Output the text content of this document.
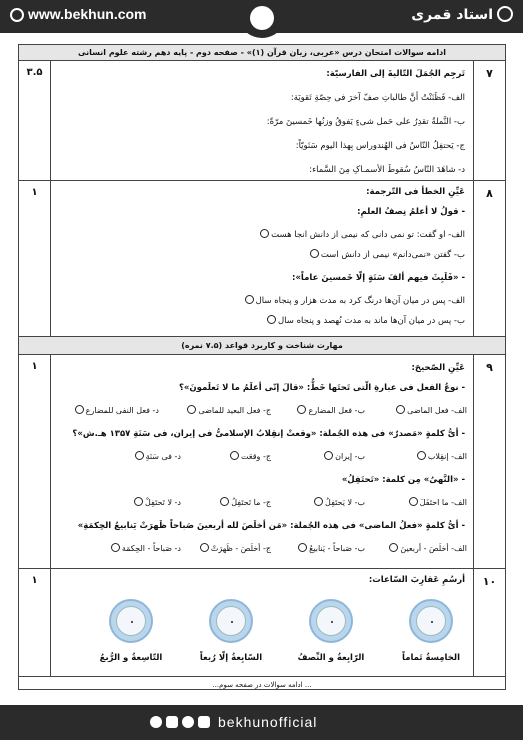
www.bekhun.com	استاد قمری
ادامه سوالات امتحان درس «عربی، زبان قرآن (۱)» - صفحه دوم - پایه دهم رشته علوم انسانی
۷
۳.۵	تَرجِم الجُمَلَ التّالیةَ إلی الفارسیّة:
الف- فَظَنَنْتُ أنَّ طالباتِ صفّ آخرَ فی حِصّةِ تَقویَة:
ب- النَّملةُ تقدِرُ علی حَمل شیءٍ یَفوقُ وزنُها خَمسینَ مرّةً:
ج- یَحتفِلُ النّاسُ فی الهُندوراس بِهذا الیوم سَنَویّاً:
د- شاهَدَ النّاسُ سُقوطَ الأسمـاکِ مِنَ السَّماء:
۸
۱	عَیِّنِ الخطأ فی التّرجمة:
- قولُ لا أعلمُ نِصفُ العلمِ:
الف- او گفت: تو نمی دانی که نیمی از دانش انجا هست
ب- گفتن «نمی‌دانم» نیمی از دانش است
- «فَلَبِثَ فیهم ألفَ سَنَةٍ إلّا خَمسینَ عاماً»:
الف- پس در میان آن‌ها درنگ کرد به مدت هزار و پنجاه سال
ب- پس در میان آن‌ها ماند به مدت نُهصد و پنجاه سال
مهارت شناخت و کاربرد قواعد (۷.۵ نمره)
۹
۱	عَیِّنِ الصّحیحَ:
- نوعُ الفعل فی عبارةِ الّتی تَحتَها خَطٌّ: «قالَ إنّی أعلَمُ ما لا تَعلَمونَ»؟
الف- فعل الماضی
ب- فعل المضارع
ج- فعل البعید للماضی
د- فعل النفی للمضارع
- أیُّ کلمةٍ «مَصدرٌ» فی هذه الجُملة: «وقعتْ إنقِلابُ الإسلامیُّ فی إیران، فی سَنَةِ ۱۳۵۷ هـ.ش»؟
الف- إنقِلاب
ب- إیران
ج- وقعَت
د- فی سَنَةِ
- «النَّهیُ» مِن کلمة: «تَحتَفِلُ»
الف- ما احتَفَلَ
ب- لا یَحتَفِلُ
ج- ما تَحتَفِلُ
د- لا تَحتَفِلْ
- أیُّ کلمةٍ «فعلُ الماضی» فی هذه الجُملة: «مَن أخلَصَ لله أربعینَ صَباحاً ظَهرَتْ یَنابیعُ الحِکمَةِ»
الف- أخلَصَ - أربعینَ
ب- صَباحاً - یَنابیعُ
ج- أخلَصَ - ظَهرَتْ
د- صَباحاً - الحِکمَة
۱۰
۱	أرسُمِ عَقارِبَ السّاعات:
الخامِسةُ تَماماً
الرّابِعةُ و النِّصفُ
السّابِعةُ إلّا رُبعاً
التّاسِعةُ و الرُّبعُ
... ادامه سوالات در صفحه سوم...
bekhunofficial
